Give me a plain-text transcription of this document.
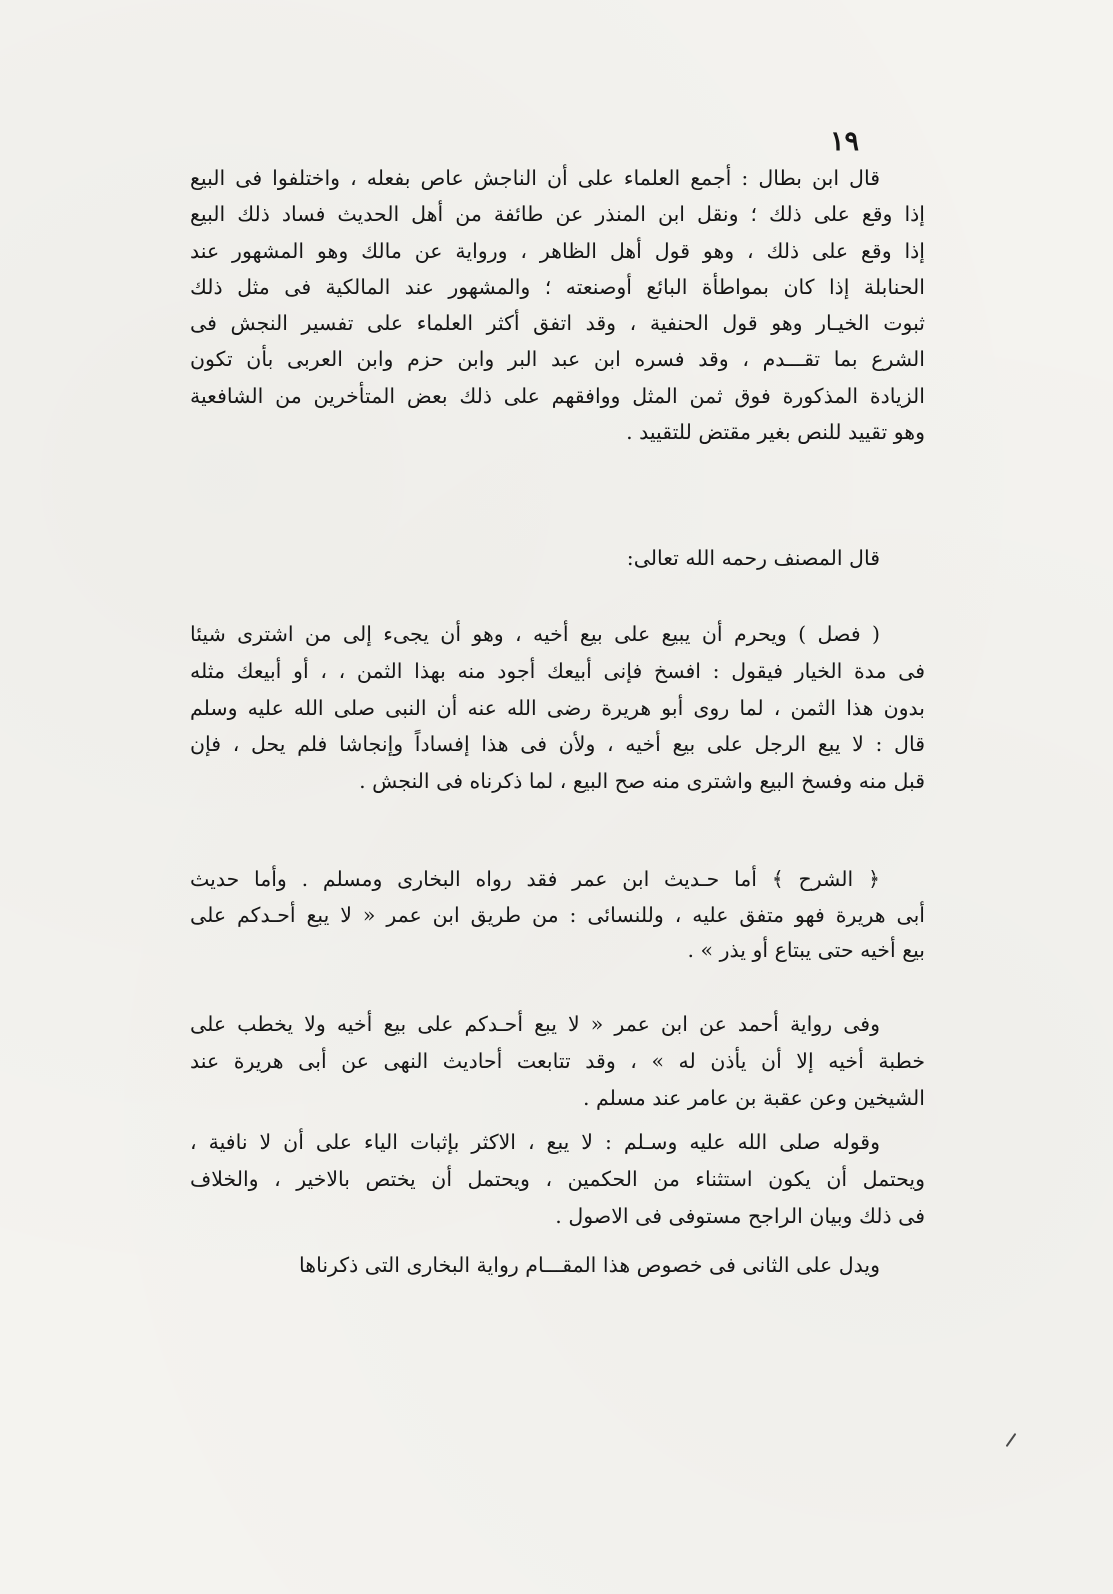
١٩
قال ابن بطال : أجمع العلماء على أن الناجش عاص بفعله ، واختلفوا فى البيع
إذا وقع على ذلك ؛ ونقل ابن المنذر عن طائفة من أهل الحديث فساد ذلك البيع
إذا وقع على ذلك ، وهو قول أهل الظاهر ، ورواية عن مالك وهو المشهور عند
الحنابلة إذا كان بمواطأة البائع أوصنعته ؛ والمشهور عند المالكية فى مثل ذلك
ثبوت الخيـار وهو قول الحنفية ، وقد اتفق أكثر العلماء على تفسير النجش فى
الشرع بما تقـــدم ، وقد فسره ابن عبد البر وابن حزم وابن العربى بأن تكون
الزيادة المذكورة فوق ثمن المثل ووافقهم على ذلك بعض المتأخرين من الشافعية
وهو تقييد للنص بغير مقتض للتقييد .
قال المصنف رحمه الله تعالى:
( فصل ) ويحرم أن يبيع على بيع أخيه ، وهو أن يجىء إلى من اشترى شيئا
فى مدة الخيار فيقول : افسخ فإنى أبيعك أجود منه بهذا الثمن ، ، أو أبيعك مثله
بدون هذا الثمن ، لما روى أبو هريرة رضى الله عنه أن النبى صلى الله عليه وسلم
قال : لا يبع الرجل على بيع أخيه ، ولأن فى هذا إفساداً وإنجاشا فلم يحل ، فإن
قبل منه وفسخ البيع واشترى منه صح البيع ، لما ذكرناه فى النجش .
﴿ الشرح ﴾ أما حـديث ابن عمر فقد رواه البخارى ومسلم . وأما حديث
أبى هريرة فهو متفق عليه ، وللنسائى : من طريق ابن عمر « لا يبع أحـدكم على
بيع أخيه حتى يبتاع أو يذر » .
وفى رواية أحمد عن ابن عمر « لا يبع أحـدكم على بيع أخيه ولا يخطب على
خطبة أخيه إلا أن يأذن له » ، وقد تتابعت أحاديث النهى عن أبى هريرة عند
الشيخين وعن عقبة بن عامر عند مسلم .
وقوله صلى الله عليه وسـلم : لا يبع ، الاكثر بإثبات الياء على أن لا نافية ،
ويحتمل أن يكون استثناء من الحكمين ، ويحتمل أن يختص بالاخير ، والخلاف
فى ذلك وبيان الراجح مستوفى فى الاصول .
ويدل على الثانى فى خصوص هذا المقـــام رواية البخارى التى ذكرناها
